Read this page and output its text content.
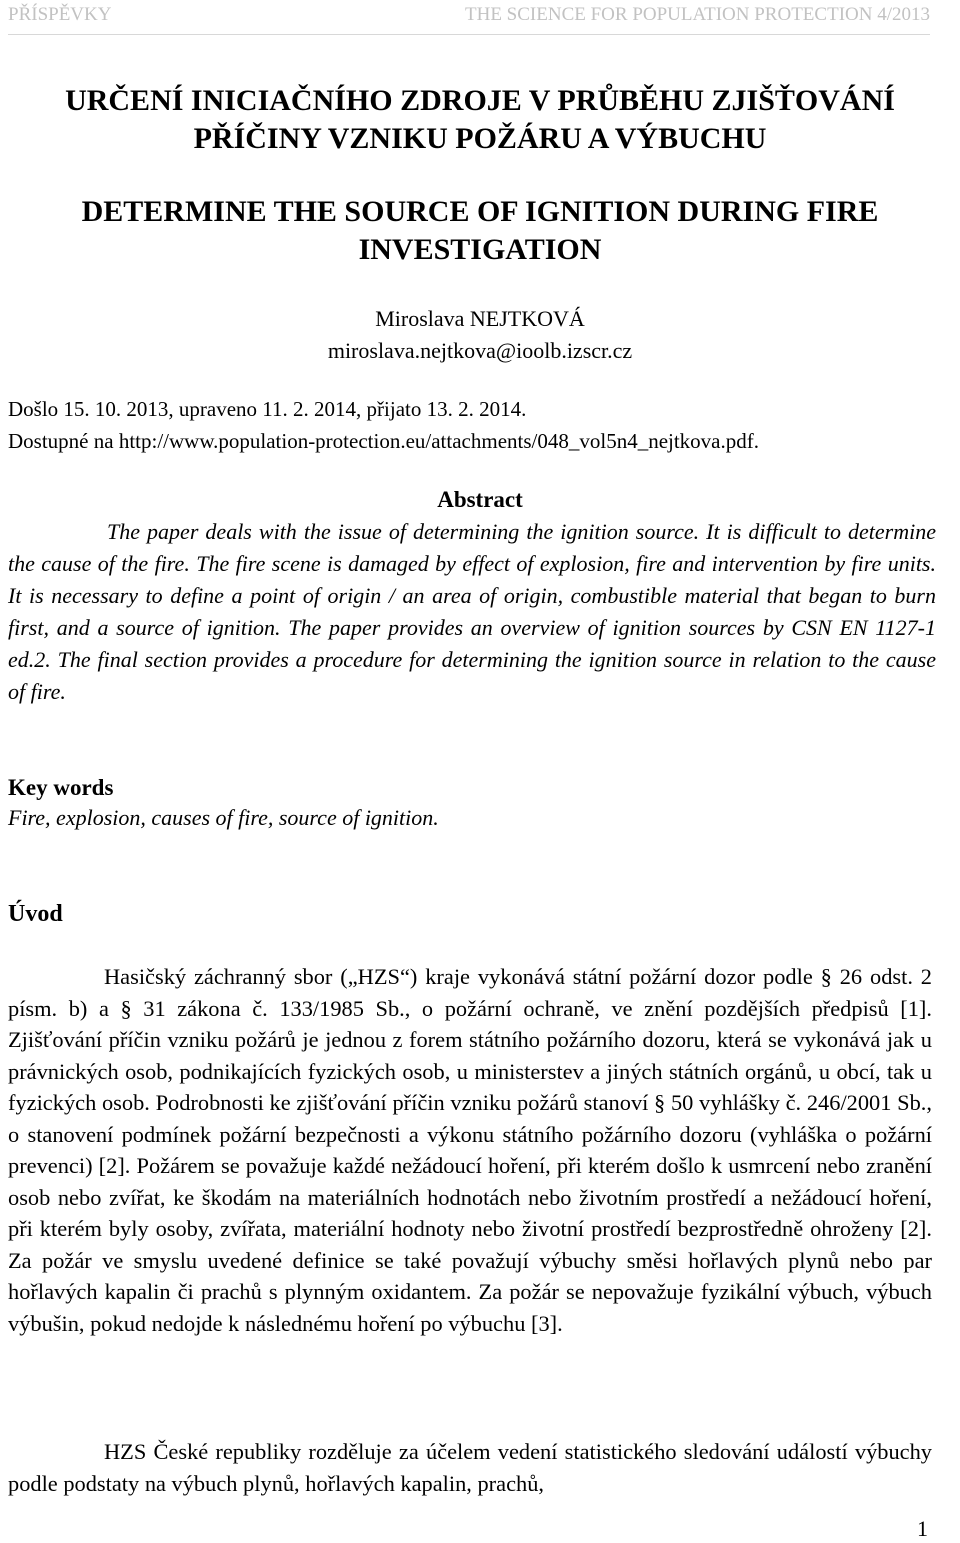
PŘÍSPĚVKY	THE SCIENCE FOR POPULATION PROTECTION 4/2013
URČENÍ INICIAČNÍHO ZDROJE V PRŮBĚHU ZJIŠŤOVÁNÍ PŘÍČINY VZNIKU POŽÁRU A VÝBUCHU
DETERMINE THE SOURCE OF IGNITION DURING FIRE INVESTIGATION
Miroslava NEJTKOVÁ
miroslava.nejtkova@ioolb.izscr.cz
Došlo 15. 10. 2013, upraveno 11. 2. 2014, přijato 13. 2. 2014.
Dostupné na http://www.population-protection.eu/attachments/048_vol5n4_nejtkova.pdf.
Abstract

The paper deals with the issue of determining the ignition source. It is difficult to determine the cause of the fire. The fire scene is damaged by effect of explosion, fire and intervention by fire units. It is necessary to define a point of origin / an area of origin, combustible material that began to burn first, and a source of ignition. The paper provides an overview of ignition sources by CSN EN 1127-1 ed.2. The final section provides a procedure for determining the ignition source in relation to the cause of fire.

Key words
Fire, explosion, causes of fire, source of ignition.
Úvod

Hasičský záchranný sbor („HZS“) kraje vykonává státní požární dozor podle § 26 odst. 2 písm. b) a § 31 zákona č. 133/1985 Sb., o požární ochraně, ve znění pozdějších předpisů [1]. Zjišťování příčin vzniku požárů je jednou z forem státního požárního dozoru, která se vykonává jak u právnických osob, podnikajících fyzických osob, u ministerstev a jiných státních orgánů, u obcí, tak u fyzických osob. Podrobnosti ke zjišťování příčin vzniku požárů stanoví § 50 vyhlášky č. 246/2001 Sb., o stanovení podmínek požární bezpečnosti a výkonu státního požárního dozoru (vyhláška o požární prevenci) [2]. Požárem se považuje každé nežádoucí hoření, při kterém došlo k usmrcení nebo zranění osob nebo zvířat, ke škodám na materiálních hodnotách nebo životním prostředí a nežádoucí hoření, při kterém byly osoby, zvířata, materiální hodnoty nebo životní prostředí bezprostředně ohroženy [2]. Za požár ve smyslu uvedené definice se také považují výbuchy směsi hořlavých plynů nebo par hořlavých kapalin či prachů s plynným oxidantem. Za požár se nepovažuje fyzikální výbuch, výbuch výbušin, pokud nedojde k následnému hoření po výbuchu [3].

HZS České republiky rozděluje za účelem vedení statistického sledování událostí výbuchy podle podstaty na výbuch plynů, hořlavých kapalin, prachů,

1
